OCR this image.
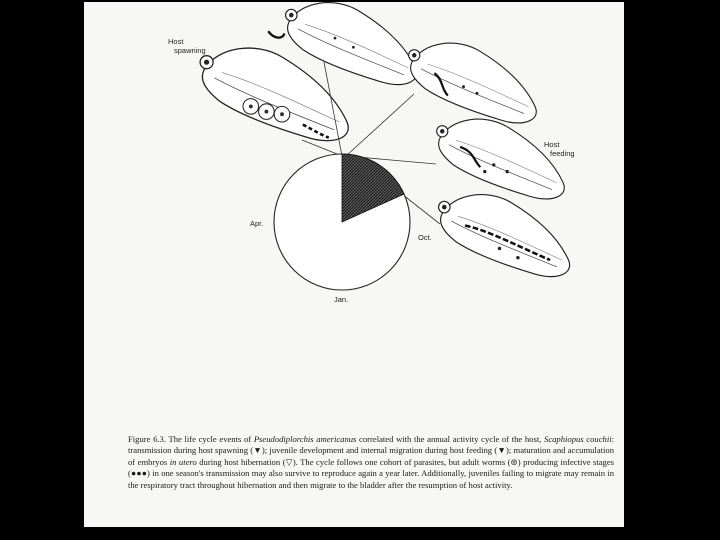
Apr.
Oct.
Jan.
Host spawning
Host feeding
Figure 6.3. The life cycle events of Pseudodiplorchis americanus correlated with the annual activity cycle of the host, Scaphiopus couchii: transmission during host spawning (▼); juvenile development and internal migration during host feeding (▼); maturation and accumulation of embryos in utero during host hibernation (▽). The cycle follows one cohort of parasites, but adult worms (⊛) producing infective stages (●●●) in one season's transmission may also survive to reproduce again a year later. Additionally, juveniles failing to migrate may remain in the respiratory tract throughout hibernation and then migrate to the bladder after the resumption of host activity.
